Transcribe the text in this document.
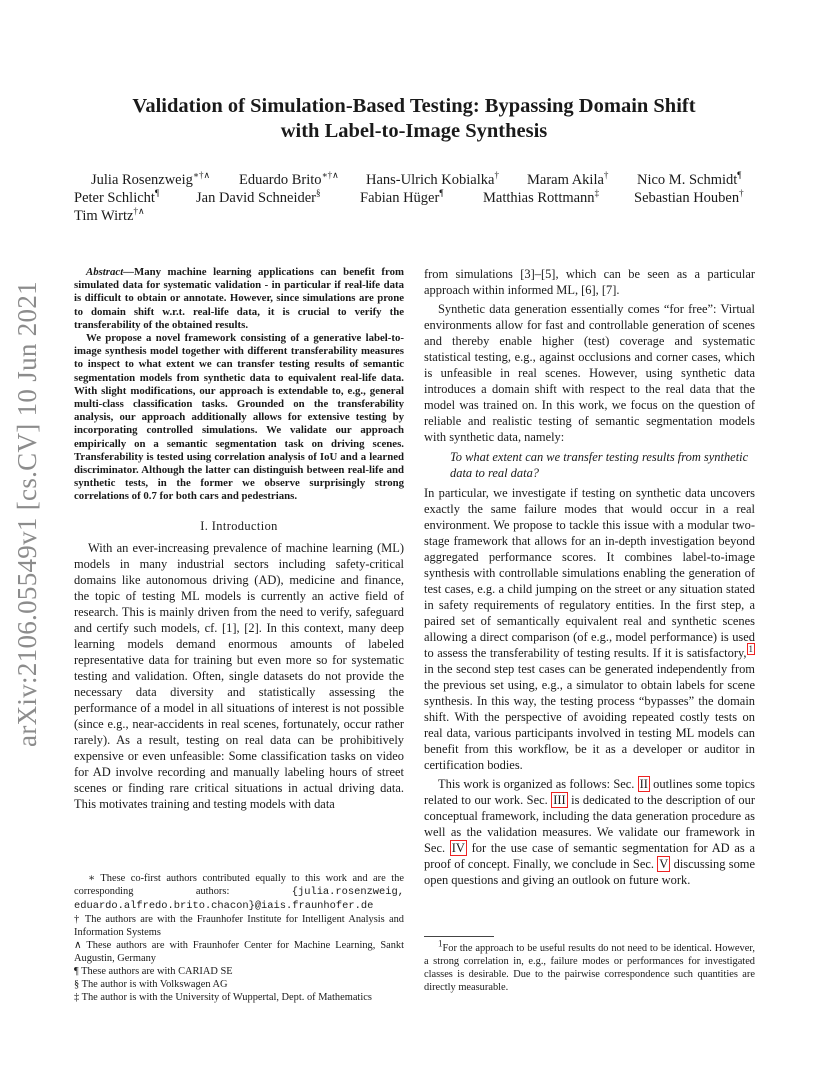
arXiv:2106.05549v1 [cs.CV] 10 Jun 2021
Validation of Simulation-Based Testing: Bypassing Domain Shift
with Label-to-Image Synthesis
Julia Rosenzweig∗†∧ Eduardo Brito∗†∧ Hans-Ulrich Kobialka† Maram Akila† Nico M. Schmidt¶
Peter Schlicht¶	Jan David Schneider§	Fabian Hüger¶	Matthias Rottmann‡ Sebastian Houben†
Tim Wirtz†∧

Abstract—Many machine learning applications can benefit from simulated data for systematic validation - in particular if real-life data is difficult to obtain or annotate. However, since simulations are prone to domain shift w.r.t. real-life data, it is crucial to verify the transferability of the obtained results.

We propose a novel framework consisting of a generative label-to-image synthesis model together with different transferability measures to inspect to what extent we can transfer testing results of semantic segmentation models from synthetic data to equivalent real-life data. With slight modifications, our approach is extendable to, e.g., general multi-class classification tasks. Grounded on the transferability analysis, our approach additionally allows for extensive testing by incorporating controlled simulations. We validate our approach empirically on a semantic segmentation task on driving scenes. Transferability is tested using correlation analysis of IoU and a learned discriminator. Although the latter can distinguish between real-life and synthetic tests, in the former we observe surprisingly strong correlations of 0.7 for both cars and pedestrians.

I. Introduction

With an ever-increasing prevalence of machine learning (ML) models in many industrial sectors including safety-critical domains like autonomous driving (AD), medicine and finance, the topic of testing ML models is currently an active field of research. This is mainly driven from the need to verify, safeguard and certify such models, cf. [1], [2]. In this context, many deep learning models demand enormous amounts of labeled representative data for training but even more so for systematic testing and validation. Often, single datasets do not provide the necessary data diversity and statistically assessing the performance of a model in all situations of interest is not possible (since e.g., near-accidents in real scenes, fortunately, occur rather rarely). As a result, testing on real data can be prohibitively expensive or even unfeasible: Some classification tasks on video for AD involve recording and manually labeling hours of street scenes or finding rare critical situations in actual driving data. This motivates training and testing models with data

∗ These co-first authors contributed equally to this work and are the corresponding authors:	{julia.rosenzweig, eduardo.alfredo.brito.chacon}@iais.fraunhofer.de

† The authors are with the Fraunhofer Institute for Intelligent Analysis and Information Systems

∧ These authors are with Fraunhofer Center for Machine Learning, Sankt Augustin, Germany

¶ These authors are with CARIAD SE

§ The author is with Volkswagen AG

‡ The author is with the University of Wuppertal, Dept. of Mathematics

from simulations [3]–[5], which can be seen as a particular approach within informed ML, [6], [7].

Synthetic data generation essentially comes “for free”: Virtual environments allow for fast and controllable generation of scenes and thereby enable higher (test) coverage and systematic statistical testing, e.g., against occlusions and corner cases, which is unfeasible in real scenes. However, using synthetic data introduces a domain shift with respect to the real data that the model was trained on. In this work, we focus on the question of reliable and realistic testing of semantic segmentation models with synthetic data, namely:

To what extent can we transfer testing results from synthetic data to real data?

In particular, we investigate if testing on synthetic data uncovers exactly the same failure modes that would occur in a real environment. We propose to tackle this issue with a modular two-stage framework that allows for an in-depth investigation beyond aggregated performance scores. It combines label-to-image synthesis with controllable simulations enabling the generation of test cases, e.g. a child jumping on the street or any situation stated in safety requirements of regulatory entities. In the first step, a paired set of semantically equivalent real and synthetic scenes allowing a direct comparison (of e.g., model performance) is used to assess the transferability of testing results. If it is satisfactory, $^1$ in the second step test cases can be generated independently from the previous set using, e.g., a simulator to obtain labels for scene synthesis. In this way, the testing process “bypasses” the domain shift. With the perspective of avoiding repeated costly tests on real data, various participants involved in testing ML models can benefit from this workflow, be it as a developer or auditor in certification bodies.

This work is organized as follows: Sec. II outlines some topics related to our work. Sec. III is dedicated to the description of our conceptual framework, including the data generation procedure as well as the validation measures. We validate our framework in Sec. IV for the use case of semantic segmentation for AD as a proof of concept. Finally, we conclude in Sec. V discussing some open questions and giving an outlook on future work.

$^1$For the approach to be useful results do not need to be identical. However, a strong correlation in, e.g., failure modes or performances for investigated classes is desirable. Due to the pairwise correspondence such quantities are directly measurable.
